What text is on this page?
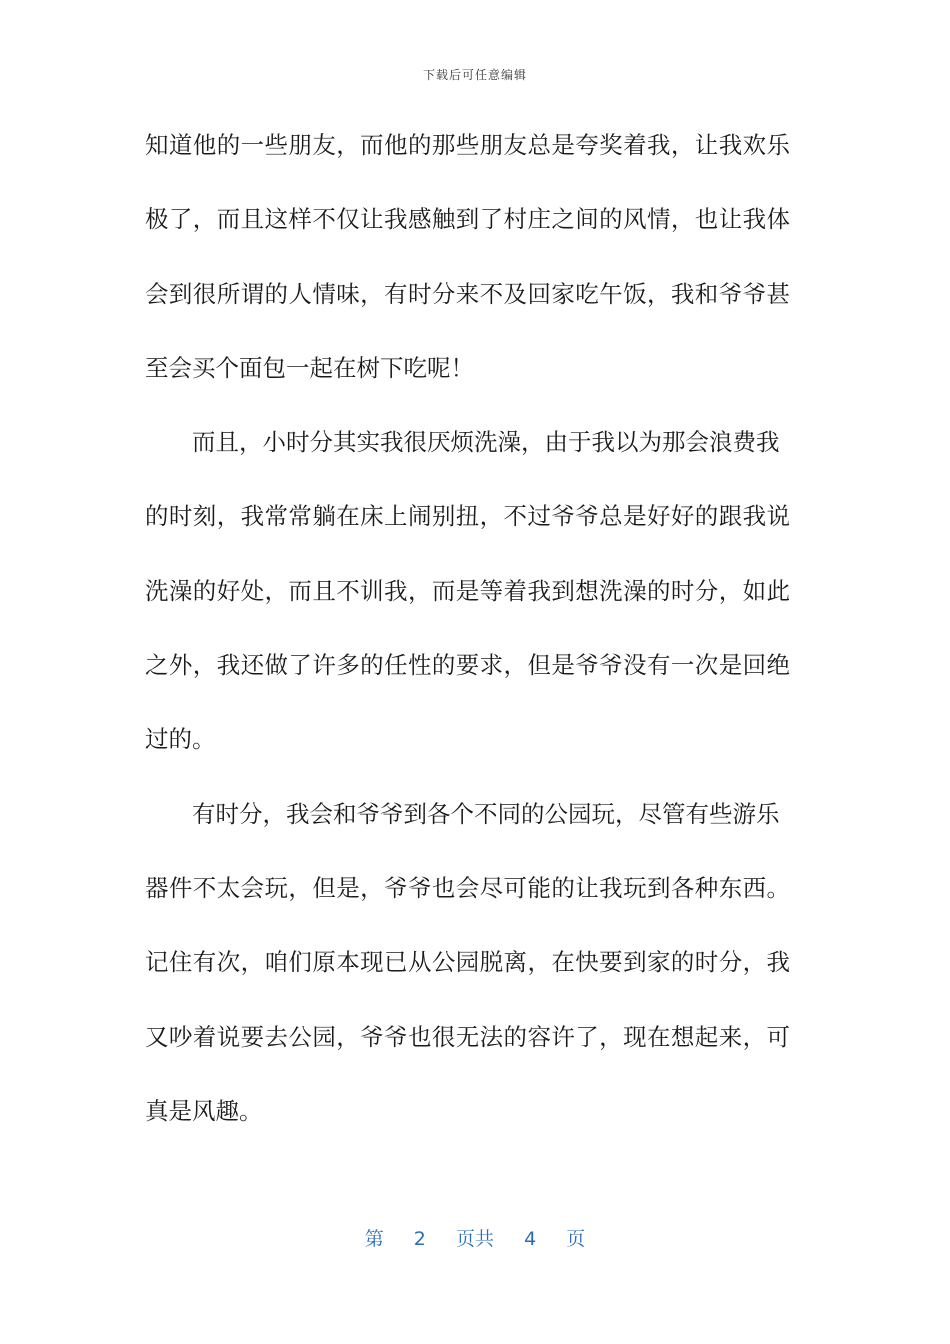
下载后可任意编辑
知道他的一些朋友，而他的那些朋友总是夸奖着我，让我欢乐
极了，而且这样不仅让我感触到了村庄之间的风情，也让我体
会到很所谓的人情味，有时分来不及回家吃午饭，我和爷爷甚
至会买个面包一起在树下吃呢！
而且，小时分其实我很厌烦洗澡，由于我以为那会浪费我
的时刻，我常常躺在床上闹别扭，不过爷爷总是好好的跟我说
洗澡的好处，而且不训我，而是等着我到想洗澡的时分，如此
之外，我还做了许多的任性的要求，但是爷爷没有一次是回绝
过的。
有时分，我会和爷爷到各个不同的公园玩，尽管有些游乐
器件不太会玩，但是，爷爷也会尽可能的让我玩到各种东西。
记住有次，咱们原本现已从公园脱离，在快要到家的时分，我
又吵着说要去公园，爷爷也很无法的容许了，现在想起来，可
真是风趣。
第 2 页共 4 页
